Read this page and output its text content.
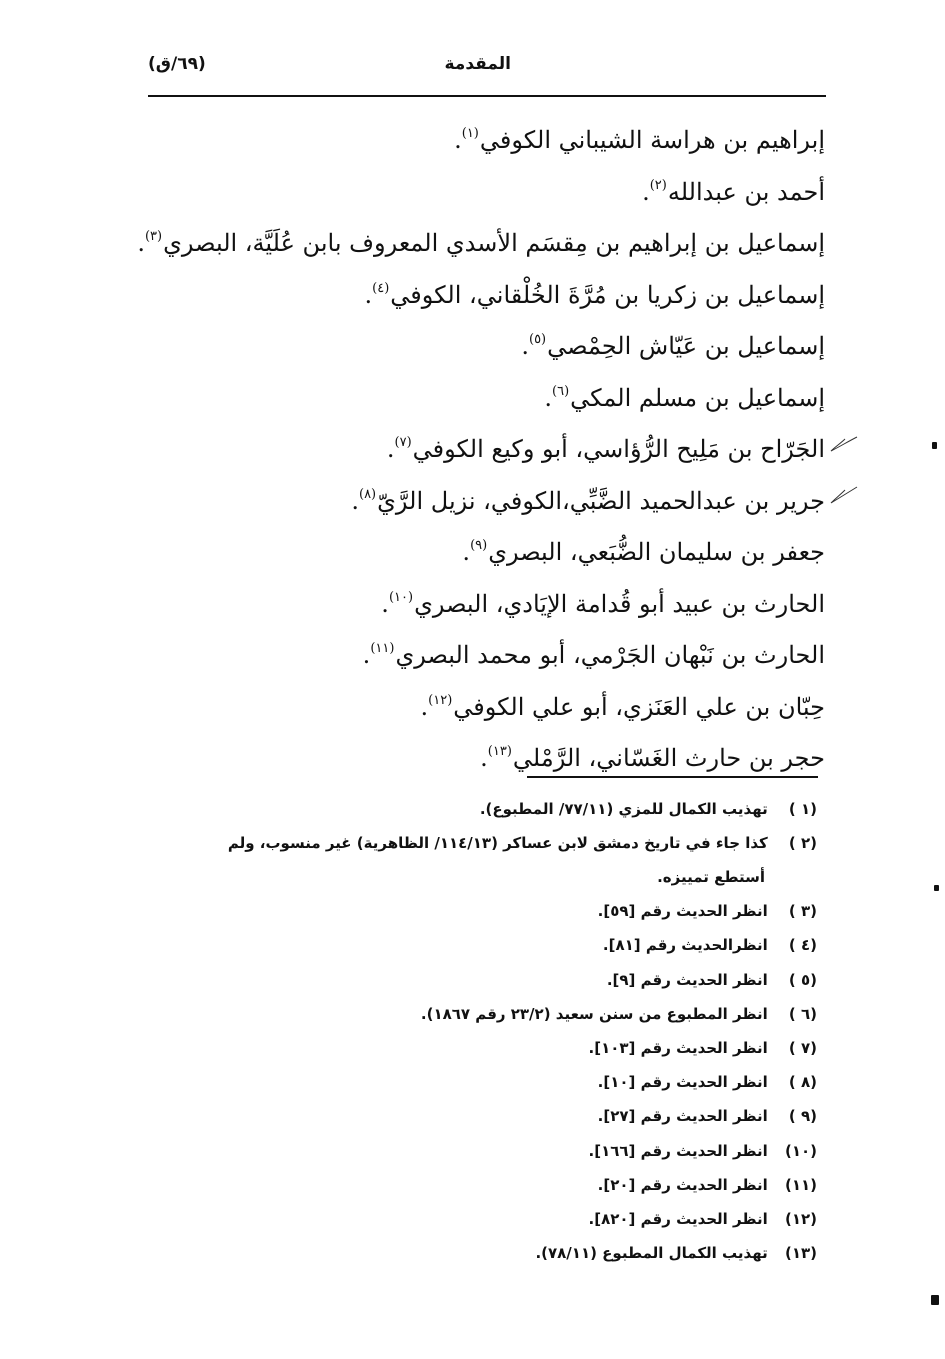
المقدمة
(٦٩/ق)
إبراهيم بن هراسة الشيباني الكوفي$^{(١)}$.
أحمد بن عبدالله$^{(٢)}$.
إسماعيل بن إبراهيم بن مِقسَم الأسدي المعروف بابن عُلَيَّة، البصري$^{(٣)}$.
إسماعيل بن زكريا بن مُرَّةَ الخُلْقاني، الكوفي$^{(٤)}$.
إسماعيل بن عَيّاش الحِمْصي$^{(٥)}$.
إسماعيل بن مسلم المكي$^{(٦)}$.
الجَرّاح بن مَلِيح الرُّؤاسي، أبو وكيع الكوفي$^{(٧)}$.
جرير بن عبدالحميد الضَّبِّي،الكوفي، نزيل الرَّيّ$^{(٨)}$.
جعفر بن سليمان الضُّبَعي، البصري$^{(٩)}$.
الحارث بن عبيد أبو قُدامة الإيَادي، البصري$^{(١٠)}$.
الحارث بن نَبْهان الجَرْمي، أبو محمد البصري$^{(١١)}$.
حِبّان بن علي العَنَزي، أبو علي الكوفي$^{(١٢)}$.
حجر بن حارث الغَسّاني، الرَّمْلي$^{(١٣)}$.
(١ ) تهذيب الكمال للمزي (٧٧/١١/ المطبوع).
(٢ ) كذا جاء في تاريخ دمشق لابن عساكر (١١٤/١٣/ الظاهرية) غير منسوب، ولم
أستطع تمييزه.
(٣ ) انظر الحديث رقم [٥٩].
(٤ ) انظرالحديث رقم [٨١].
(٥ ) انظر الحديث رقم [٩].
(٦ ) انظر المطبوع من سنن سعيد (٢٣/٢ رقم ١٨٦٧).
(٧ ) انظر الحديث رقم [١٠٣].
(٨ ) انظر الحديث رقم [١٠].
(٩ ) انظر الحديث رقم [٢٧].
(١٠) انظر الحديث رقم [١٦٦].
(١١) انظر الحديث رقم [٢٠].
(١٢) انظر الحديث رقم [٨٢٠].
(١٣) تهذيب الكمال المطبوع (٧٨/١١).
